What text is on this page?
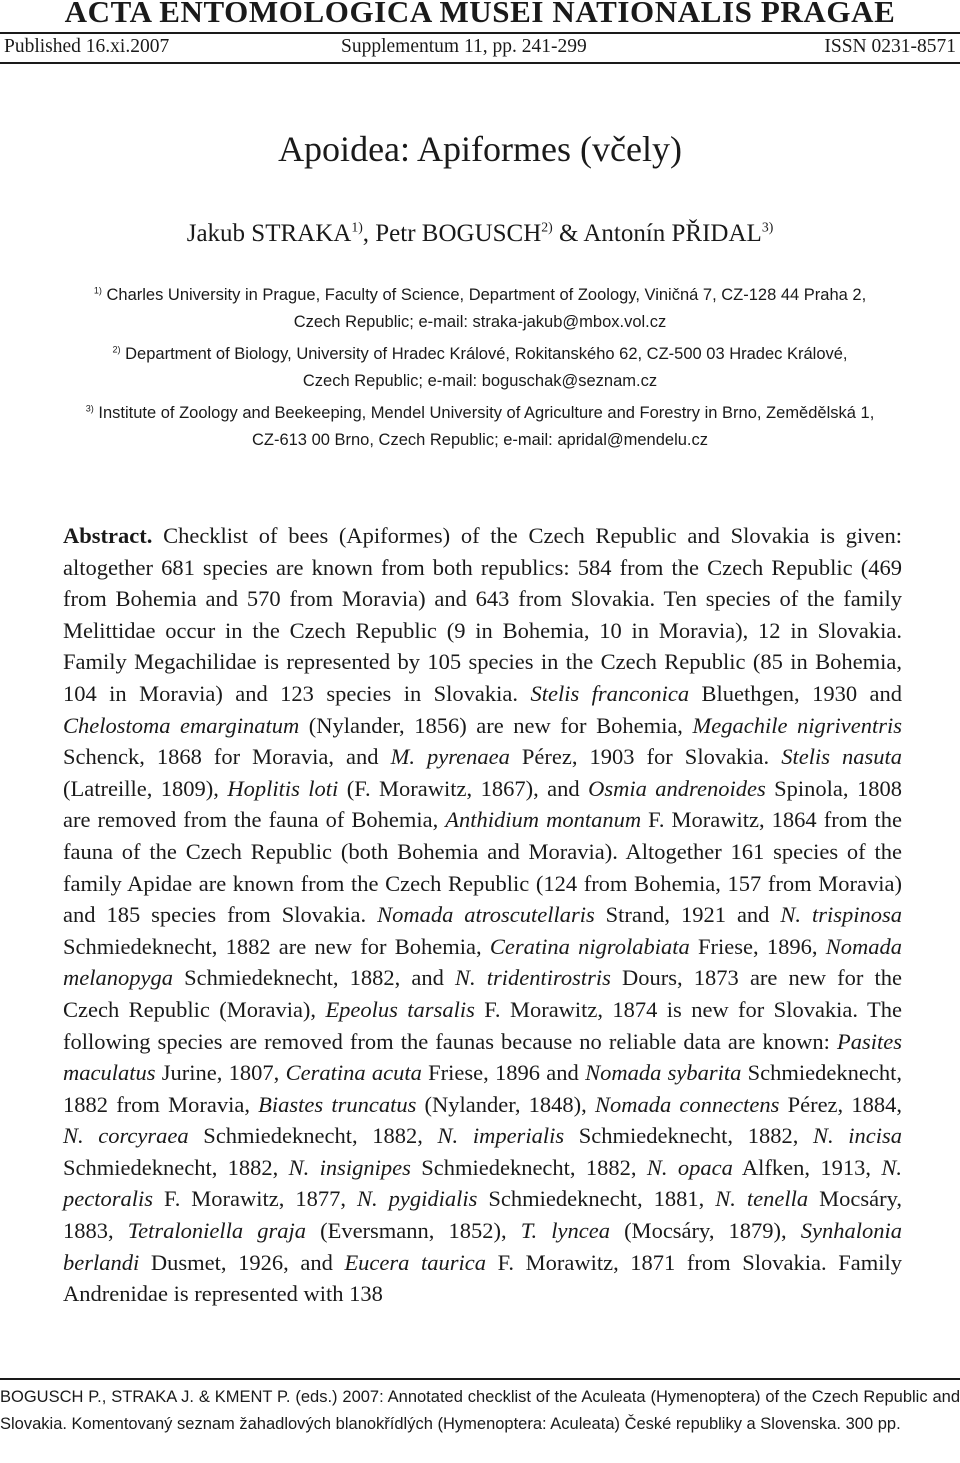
ACTA ENTOMOLOGICA MUSEI NATIONALIS PRAGAE
Published 16.xi.2007	Supplementum 11, pp. 241-299	ISSN 0231-8571
Apoidea: Apiformes (včely)
Jakub STRAKA$^{1)}$, Petr BOGUSCH$^{2)}$ & Antonín PŘIDAL$^{3)}$
$^{1)}$ Charles University in Prague, Faculty of Science, Department of Zoology, Viničná 7, CZ-128 44 Praha 2,
Czech Republic; e-mail: straka-jakub@mbox.vol.cz
$^{2)}$ Department of Biology, University of Hradec Králové, Rokitanského 62, CZ-500 03 Hradec Králové,
Czech Republic; e-mail: boguschak@seznam.cz
$^{3)}$ Institute of Zoology and Beekeeping, Mendel University of Agriculture and Forestry in Brno, Zemědělská 1,
CZ-613 00 Brno, Czech Republic; e-mail: apridal@mendelu.cz

Abstract. Checklist of bees (Apiformes) of the Czech Republic and Slovakia is given: altogether 681 species are known from both republics: 584 from the Czech Republic (469 from Bohemia and 570 from Moravia) and 643 from Slovakia. Ten species of the family Melittidae occur in the Czech Republic (9 in Bohemia, 10 in Moravia), 12 in Slovakia. Family Megachilidae is represented by 105 species in the Czech Republic (85 in Bohemia, 104 in Moravia) and 123 species in Slovakia. Stelis franconica Bluethgen, 1930 and Chelostoma emarginatum (Nylander, 1856) are new for Bohemia, Megachile nigriventris Schenck, 1868 for Moravia, and M. pyrenaea Pérez, 1903 for Slovakia. Stelis nasuta (Latreille, 1809), Hoplitis loti (F. Morawitz, 1867), and Osmia andrenoides Spinola, 1808 are removed from the fauna of Bohemia, Anthidium montanum F. Morawitz, 1864 from the fauna of the Czech Republic (both Bohemia and Moravia). Altogether 161 species of the family Apidae are known from the Czech Republic (124 from Bohemia, 157 from Moravia) and 185 species from Slovakia. Nomada atroscutellaris Strand, 1921 and N. trispinosa Schmiedeknecht, 1882 are new for Bohemia, Ceratina nigrolabiata Friese, 1896, Nomada melanopyga Schmiedeknecht, 1882, and N. tridentirostris Dours, 1873 are new for the Czech Republic (Moravia), Epeolus tarsalis F. Morawitz, 1874 is new for Slovakia. The following species are removed from the faunas because no reliable data are known: Pasites maculatus Jurine, 1807, Ceratina acuta Friese, 1896 and Nomada sybarita Schmiedeknecht, 1882 from Moravia, Biastes truncatus (Nylander, 1848), Nomada connectens Pérez, 1884, N. corcyraea Schmiedeknecht, 1882, N. imperialis Schmiedeknecht, 1882, N. incisa Schmiedeknecht, 1882, N. insignipes Schmiedeknecht, 1882, N. opaca Alfken, 1913, N. pectoralis F. Morawitz, 1877, N. pygidialis Schmiedeknecht, 1881, N. tenella Mocsáry, 1883, Tetraloniella graja (Eversmann, 1852), T. lyncea (Mocsáry, 1879), Synhalonia berlandi Dusmet, 1926, and Eucera taurica F. Morawitz, 1871 from Slovakia. Family Andrenidae is represented with 138

BOGUSCH P., STRAKA J. & KMENT P. (eds.) 2007: Annotated checklist of the Aculeata (Hymenoptera) of the Czech Republic and Slovakia. Komentovaný seznam žahadlových blanokřídlých (Hymenoptera: Aculeata) České republiky a Slovenska. 300 pp.
